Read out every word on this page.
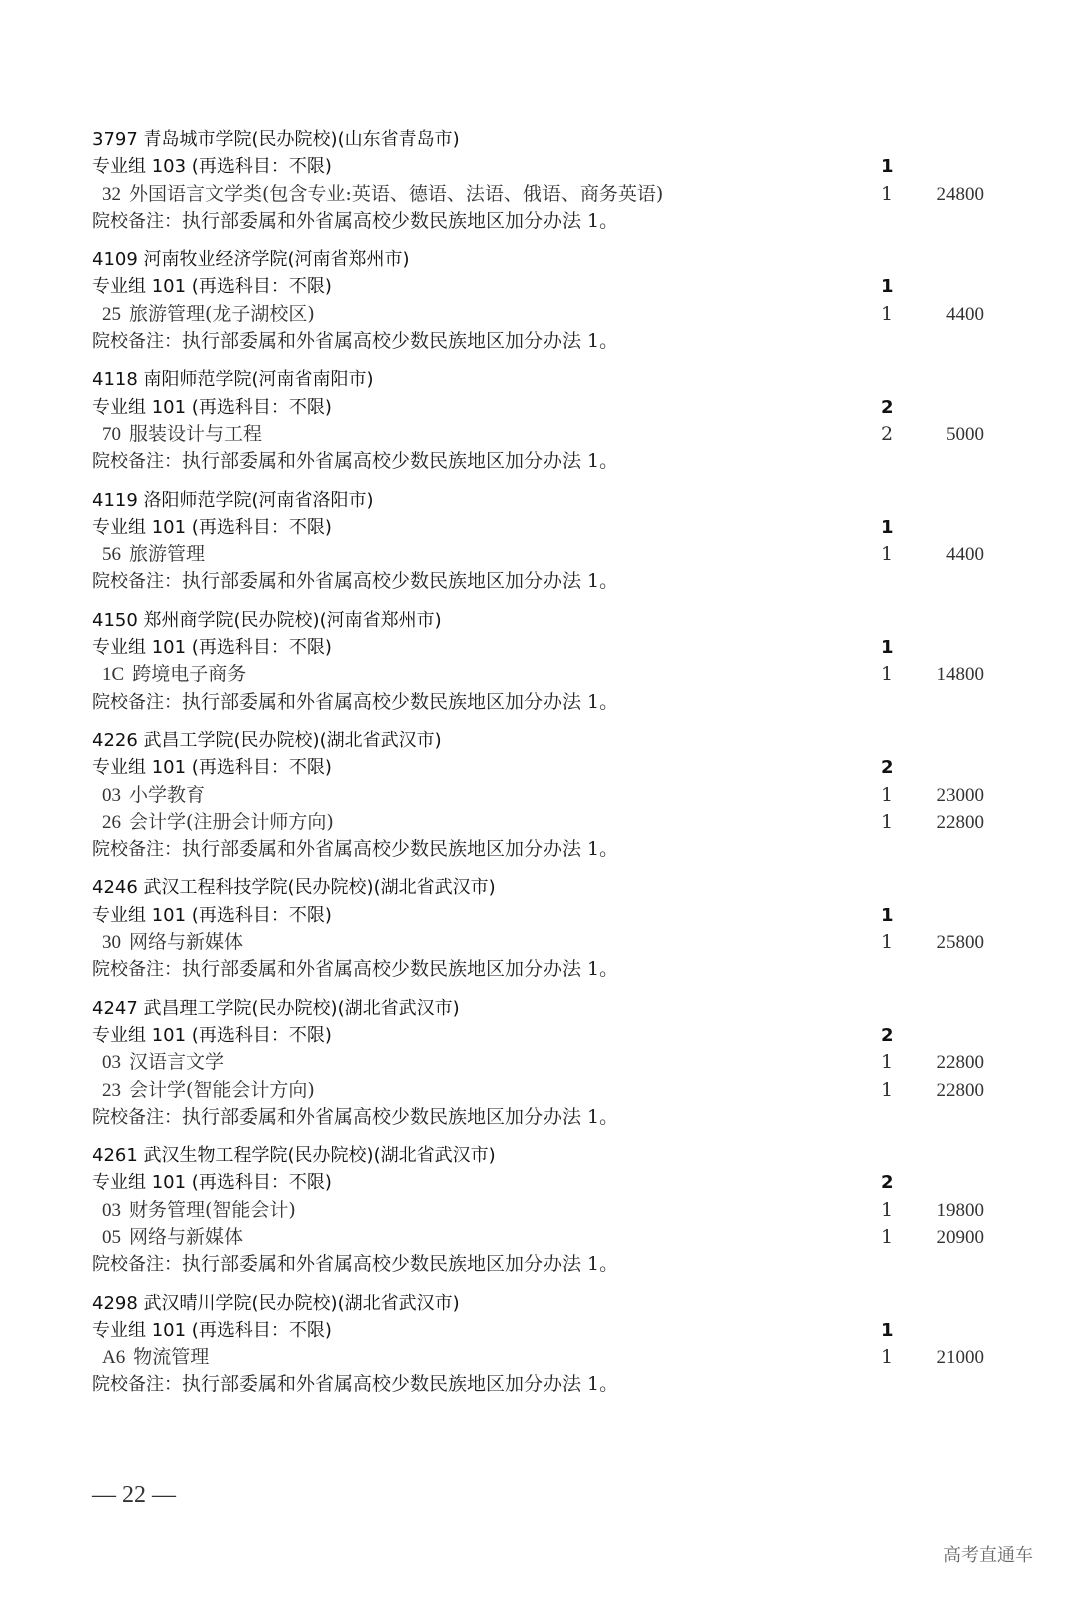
3797 青岛城市学院(民办院校)(山东省青岛市)
专业组 103 (再选科目：不限)	1
32 外国语言文学类(包含专业:英语、德语、法语、俄语、商务英语)	1	24800
院校备注：执行部委属和外省属高校少数民族地区加分办法 1。
4109 河南牧业经济学院(河南省郑州市)
专业组 101 (再选科目：不限)	1
25 旅游管理(龙子湖校区)	1	4400
院校备注：执行部委属和外省属高校少数民族地区加分办法 1。
4118 南阳师范学院(河南省南阳市)
专业组 101 (再选科目：不限)	2
70 服装设计与工程	2	5000
院校备注：执行部委属和外省属高校少数民族地区加分办法 1。
4119 洛阳师范学院(河南省洛阳市)
专业组 101 (再选科目：不限)	1
56 旅游管理	1	4400
院校备注：执行部委属和外省属高校少数民族地区加分办法 1。
4150 郑州商学院(民办院校)(河南省郑州市)
专业组 101 (再选科目：不限)	1
1C 跨境电子商务	1	14800
院校备注：执行部委属和外省属高校少数民族地区加分办法 1。
4226 武昌工学院(民办院校)(湖北省武汉市)
专业组 101 (再选科目：不限)	2
03 小学教育	1	23000
26 会计学(注册会计师方向)	1	22800
院校备注：执行部委属和外省属高校少数民族地区加分办法 1。
4246 武汉工程科技学院(民办院校)(湖北省武汉市)
专业组 101 (再选科目：不限)	1
30 网络与新媒体	1	25800
院校备注：执行部委属和外省属高校少数民族地区加分办法 1。
4247 武昌理工学院(民办院校)(湖北省武汉市)
专业组 101 (再选科目：不限)	2
03 汉语言文学	1	22800
23 会计学(智能会计方向)	1	22800
院校备注：执行部委属和外省属高校少数民族地区加分办法 1。
4261 武汉生物工程学院(民办院校)(湖北省武汉市)
专业组 101 (再选科目：不限)	2
03 财务管理(智能会计)	1	19800
05 网络与新媒体	1	20900
院校备注：执行部委属和外省属高校少数民族地区加分办法 1。
4298 武汉晴川学院(民办院校)(湖北省武汉市)
专业组 101 (再选科目：不限)	1
A6 物流管理	1	21000
院校备注：执行部委属和外省属高校少数民族地区加分办法 1。
— 22 —
高考直通车
